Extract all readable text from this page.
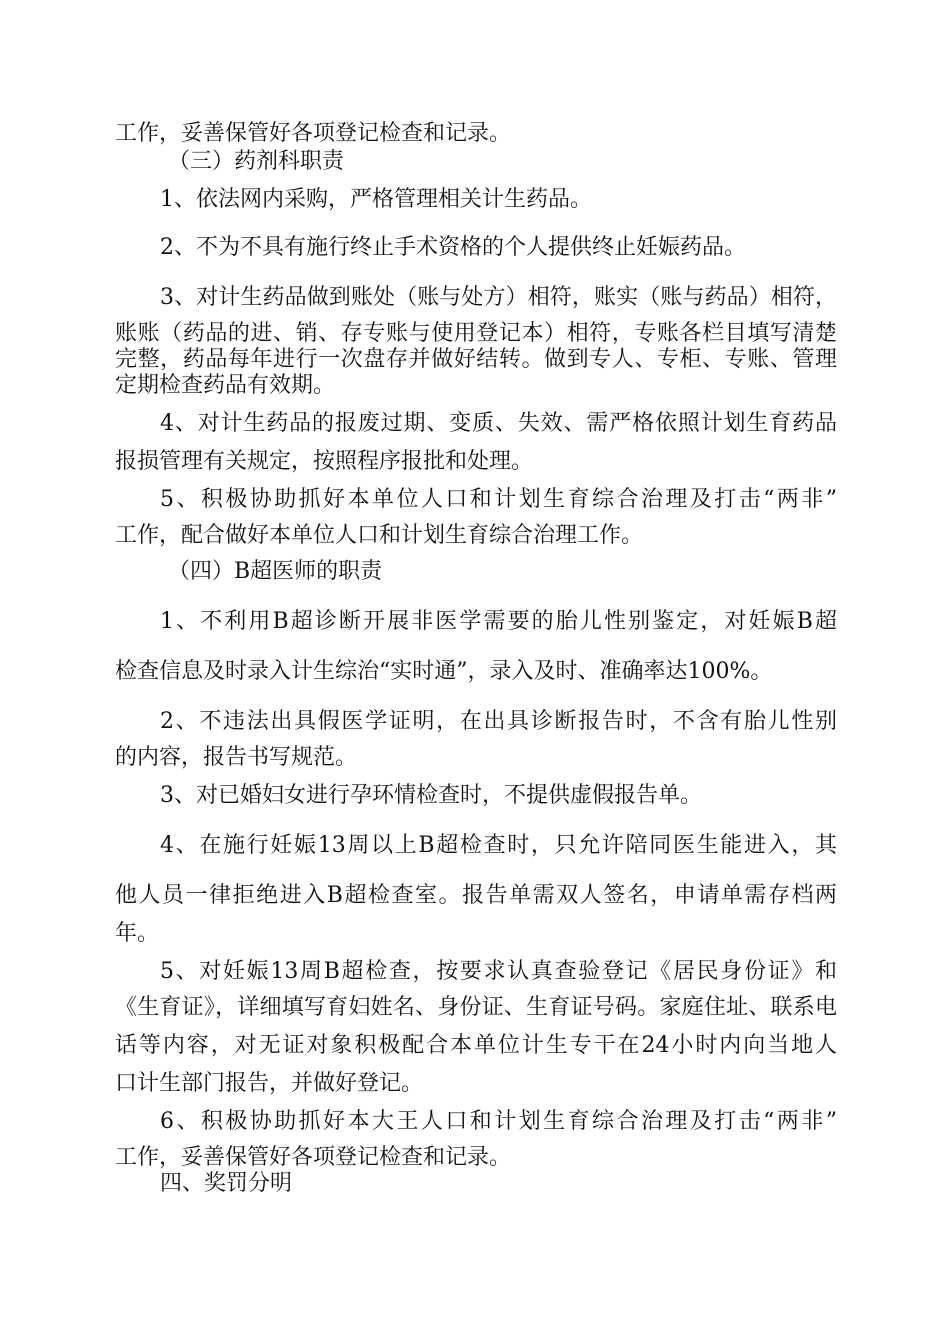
工作，妥善保管好各项登记检查和记录。
（三）药剂科职责
1、依法网内采购，严格管理相关计生药品。
2、不为不具有施行终止手术资格的个人提供终止妊娠药品。
3、对计生药品做到账处（账与处方）相符，账实（账与药品）相符，
账账（药品的进、销、存专账与使用登记本）相符，专账各栏目填写清楚
完整，药品每年进行一次盘存并做好结转。做到专人、专柜、专账、管理
定期检查药品有效期。
4、对计生药品的报废过期、变质、失效、需严格依照计划生育药品
报损管理有关规定，按照程序报批和处理。
5、积极协助抓好本单位人口和计划生育综合治理及打击“两非”
工作，配合做好本单位人口和计划生育综合治理工作。
（四）B超医师的职责
1、不利用B超诊断开展非医学需要的胎儿性别鉴定，对妊娠B超
检查信息及时录入计生综治“实时通”，录入及时、准确率达100%。
2、不违法出具假医学证明，在出具诊断报告时，不含有胎儿性别
的内容，报告书写规范。
3、对已婚妇女进行孕环情检查时，不提供虚假报告单。
4、在施行妊娠13周以上B超检查时，只允许陪同医生能进入，其
他人员一律拒绝进入B超检查室。报告单需双人签名，申请单需存档两
年。
5、对妊娠13周B超检查，按要求认真查验登记《居民身份证》和
《生育证》，详细填写育妇姓名、身份证、生育证号码。家庭住址、联系电
话等内容，对无证对象积极配合本单位计生专干在24小时内向当地人
口计生部门报告，并做好登记。
6、积极协助抓好本大王人口和计划生育综合治理及打击“两非”
工作，妥善保管好各项登记检查和记录。
四、奖罚分明
